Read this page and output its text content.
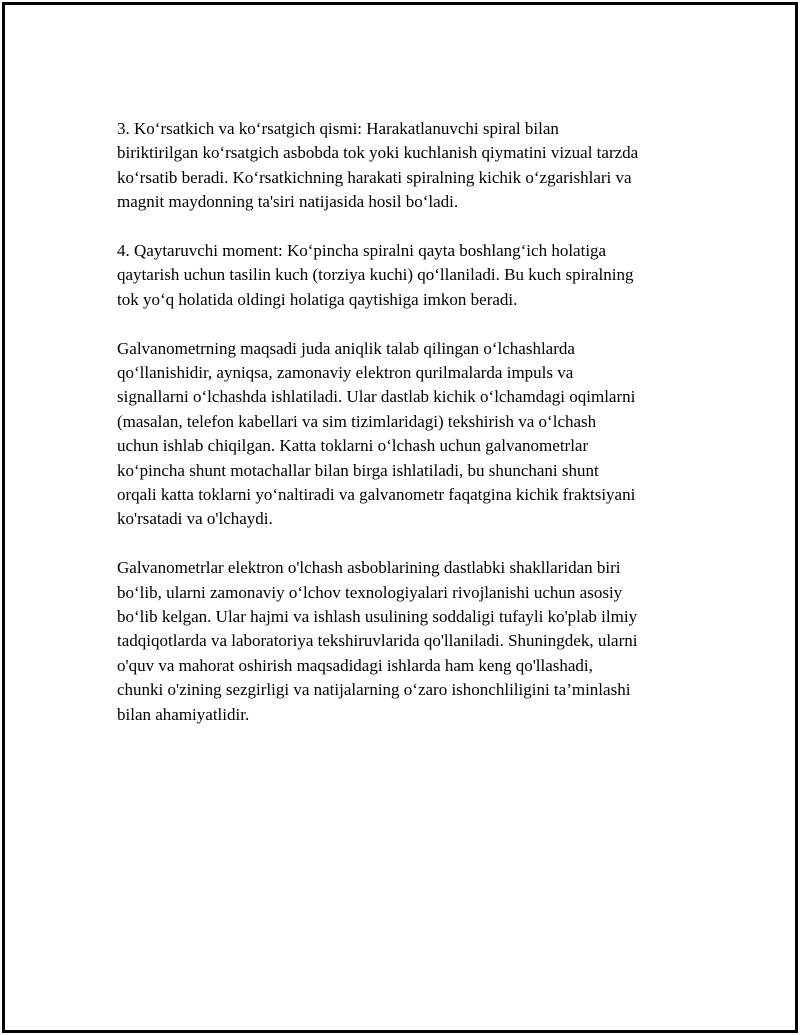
3. Ko‘rsatkich va ko‘rsatgich qismi: Harakatlanuvchi spiral bilan
biriktirilgan ko‘rsatgich asbobda tok yoki kuchlanish qiymatini vizual tarzda
ko‘rsatib beradi. Ko‘rsatkichning harakati spiralning kichik o‘zgarishlari va
magnit maydonning ta'siri natijasida hosil bo‘ladi.

4. Qaytaruvchi moment: Ko‘pincha spiralni qayta boshlang‘ich holatiga
qaytarish uchun tasilin kuch (torziya kuchi) qo‘llaniladi. Bu kuch spiralning
tok yo‘q holatida oldingi holatiga qaytishiga imkon beradi.

Galvanometrning maqsadi juda aniqlik talab qilingan o‘lchashlarda
qo‘llanishidir, ayniqsa, zamonaviy elektron qurilmalarda impuls va
signallarni o‘lchashda ishlatiladi. Ular dastlab kichik o‘lchamdagi oqimlarni
(masalan, telefon kabellari va sim tizimlaridagi) tekshirish va o‘lchash
uchun ishlab chiqilgan. Katta toklarni o‘lchash uchun galvanometrlar
ko‘pincha shunt motachallar bilan birga ishlatiladi, bu shunchani shunt
orqali katta toklarni yo‘naltiradi va galvanometr faqatgina kichik fraktsiyani
ko'rsatadi va o'lchaydi.

Galvanometrlar elektron o'lchash asboblarining dastlabki shakllaridan biri
bo‘lib, ularni zamonaviy o‘lchov texnologiyalari rivojlanishi uchun asosiy
bo‘lib kelgan. Ular hajmi va ishlash usulining soddaligi tufayli ko'plab ilmiy
tadqiqotlarda va laboratoriya tekshiruvlarida qo'llaniladi. Shuningdek, ularni
o'quv va mahorat oshirish maqsadidagi ishlarda ham keng qo'llashadi,
chunki o'zining sezgirligi va natijalarning o‘zaro ishonchliligini ta’minlashi
bilan ahamiyatlidir.
